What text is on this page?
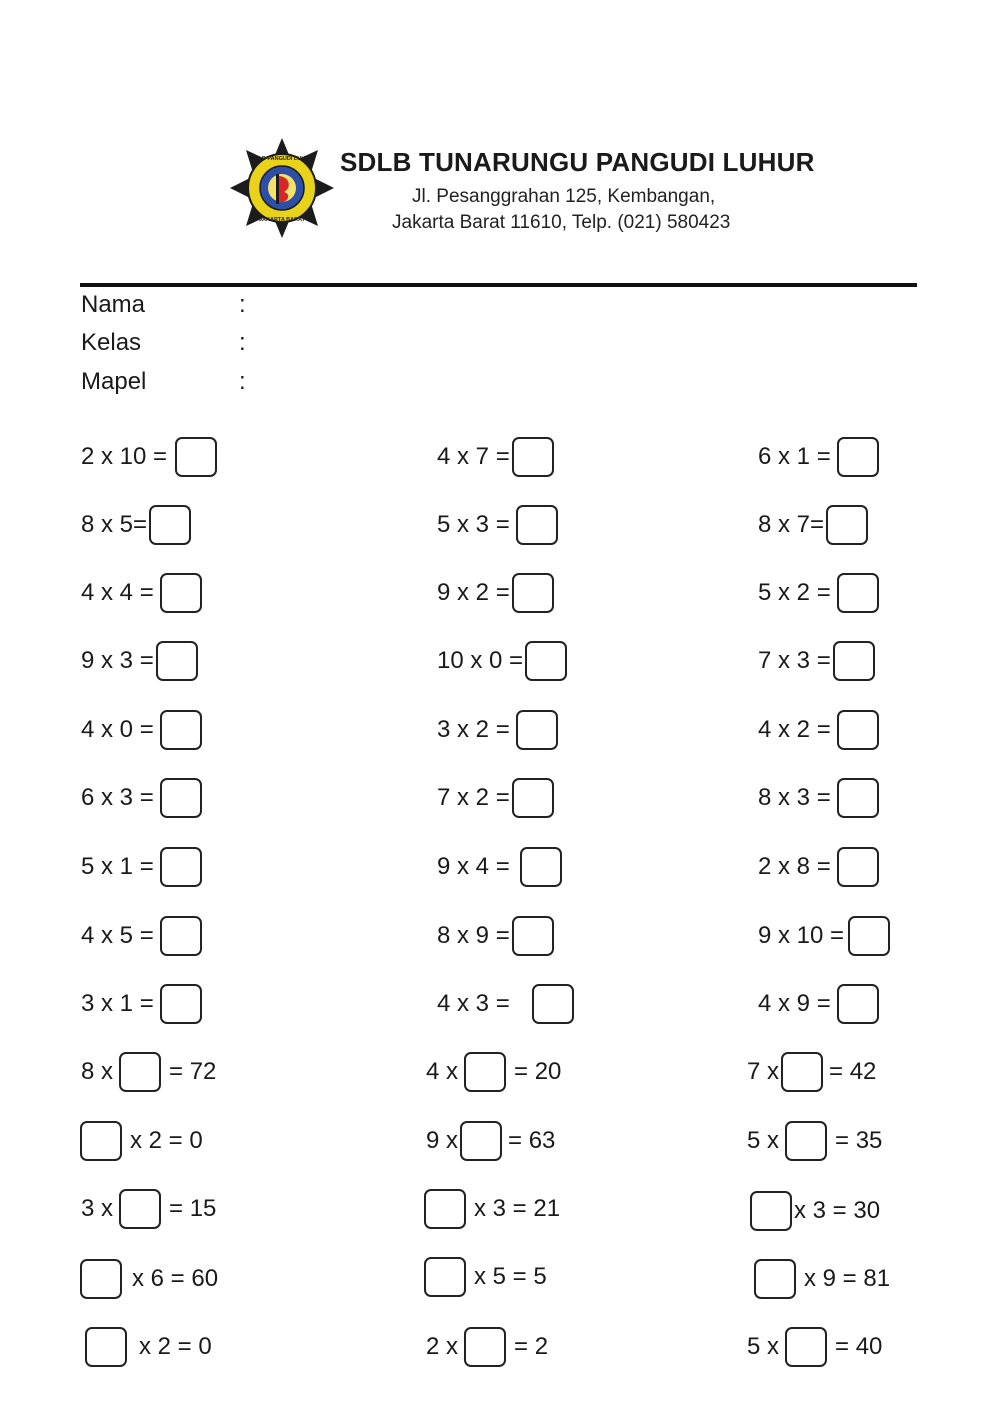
SDLB PANGUDI LUHUR
JAKARTA BARAT
SDLB TUNARUNGU PANGUDI LUHUR
Jl. Pesanggrahan 125, Kembangan,
Jakarta Barat 11610, Telp. (021) 580423
Nama	:
Kelas	:
Mapel	:
2 x 10 =	4 x 7 =	6 x 1 =
8 x 5=	5 x 3 =	8 x 7=
4 x 4 =	9 x 2 =	5 x 2 =
9 x 3 =	10 x 0 =	7 x 3 =
4 x 0 =	3 x 2 =	4 x 2 =
6 x 3 =	7 x 2 =	8 x 3 =
5 x 1 =	9 x 4 =	2 x 8 =
4 x 5 =	8 x 9 =	9 x 10 =
3 x 1 =	4 x 3 =	4 x 9 =
8 x = 72	4 x = 20	7 x = 42
x 2 = 0	9 x = 63	5 x = 35
3 x = 15	x 3 = 21	x 3 = 30
x 6 = 60	x 5 = 5	x 9 = 81
x 2 = 0	2 x = 2	5 x = 40
